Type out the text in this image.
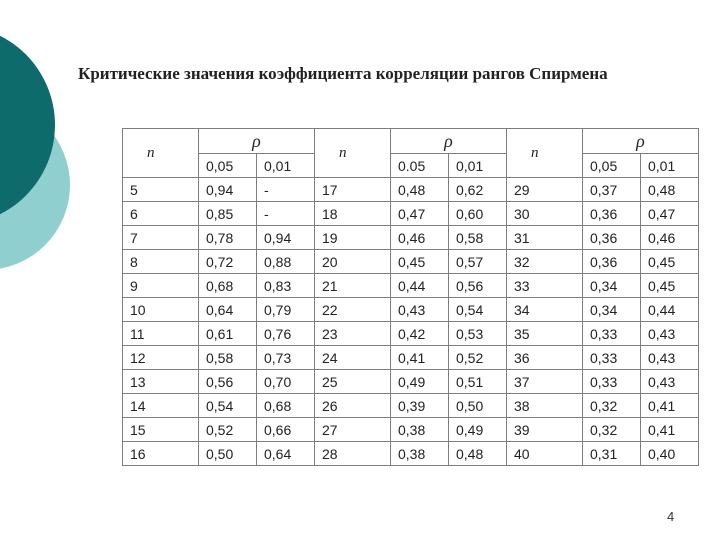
Критические значения коэффициента корреляции рангов Спирмена
n	ρ		n	ρ		n	ρ	
	0,05	0,01		0.05	0,01		0,05	0,01
5	0,94	-	17	0,48	0,62	29	0,37	0,48
6	0,85	-	18	0,47	0,60	30	0,36	0,47
7	0,78	0,94	19	0,46	0,58	31	0,36	0,46
8	0,72	0,88	20	0,45	0,57	32	0,36	0,45
9	0,68	0,83	21	0,44	0,56	33	0,34	0,45
10	0,64	0,79	22	0,43	0,54	34	0,34	0,44
11	0,61	0,76	23	0,42	0,53	35	0,33	0,43
12	0,58	0,73	24	0,41	0,52	36	0,33	0,43
13	0,56	0,70	25	0,49	0,51	37	0,33	0,43
14	0,54	0,68	26	0,39	0,50	38	0,32	0,41
15	0,52	0,66	27	0,38	0,49	39	0,32	0,41
16	0,50	0,64	28	0,38	0,48	40	0,31	0,40
4
